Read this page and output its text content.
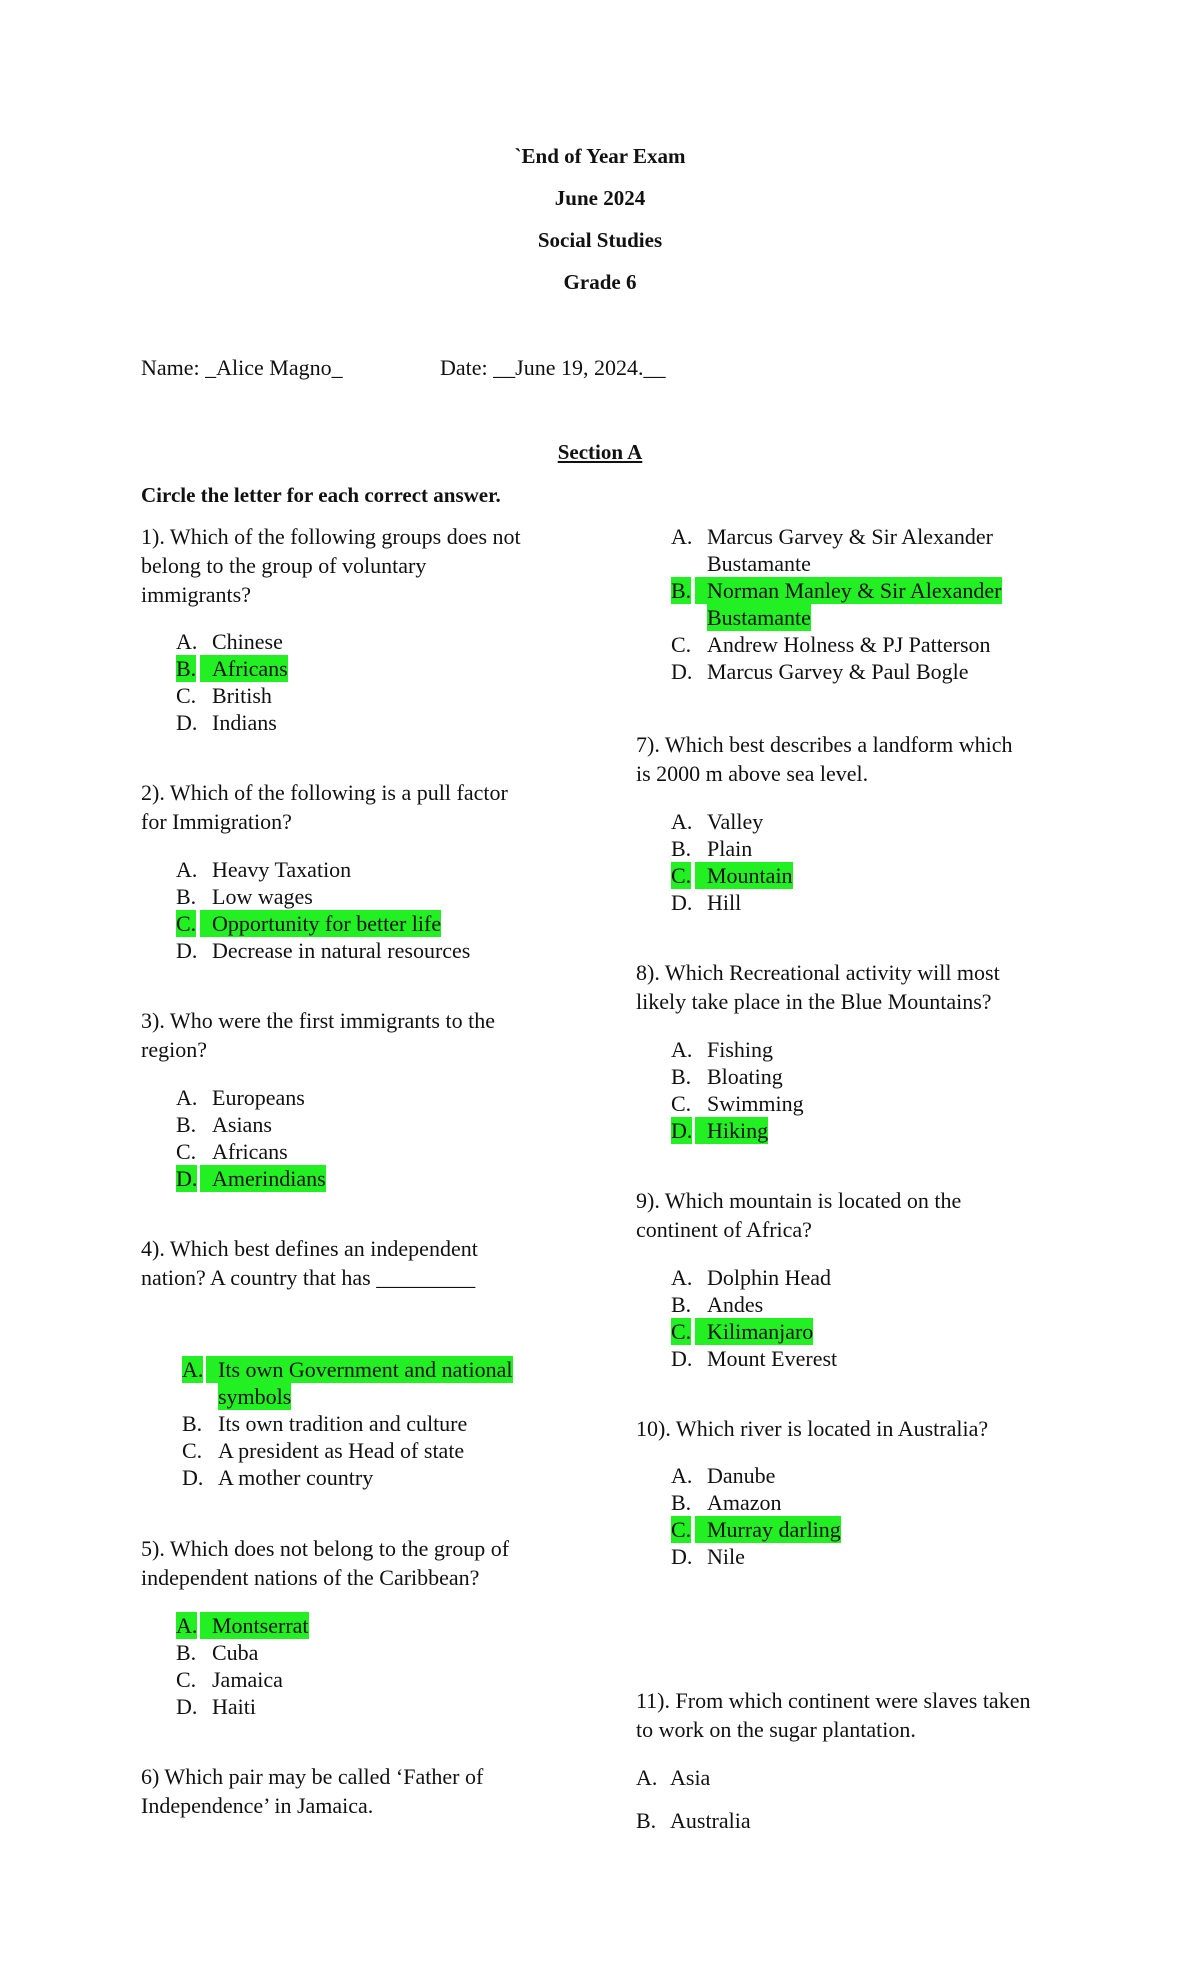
`End of Year Exam
June 2024
Social Studies
Grade 6
Name: _Alice Magno_	Date: __June 19, 2024.__
Section A
Circle the letter for each correct answer.
1). Which of the following groups does not
belong to the group of voluntary
immigrants?
A. Chinese
B. Africans
C. British
D. Indians
2). Which of the following is a pull factor
for Immigration?
A. Heavy Taxation
B. Low wages
C. Opportunity for better life
D. Decrease in natural resources
3). Who were the first immigrants to the
region?
A. Europeans
B. Asians
C. Africans
D. Amerindians
4). Which best defines an independent
nation? A country that has _________
A. Its own Government and national
symbols
B. Its own tradition and culture
C. A president as Head of state
D. A mother country
5). Which does not belong to the group of
independent nations of the Caribbean?
A. Montserrat
B. Cuba
C. Jamaica
D. Haiti
6) Which pair may be called ‘Father of
Independence’ in Jamaica.
A. Marcus Garvey & Sir Alexander
Bustamante
B. Norman Manley & Sir Alexander
Bustamante
C. Andrew Holness & PJ Patterson
D. Marcus Garvey & Paul Bogle
7). Which best describes a landform which
is 2000 m above sea level.
A. Valley
B. Plain
C. Mountain
D. Hill
8). Which Recreational activity will most
likely take place in the Blue Mountains?
A. Fishing
B. Bloating
C. Swimming
D. Hiking
9). Which mountain is located on the
continent of Africa?
A. Dolphin Head
B. Andes
C. Kilimanjaro
D. Mount Everest
10). Which river is located in Australia?
A. Danube
B. Amazon
C. Murray darling
D. Nile
11). From which continent were slaves taken
to work on the sugar plantation.
A. Asia
B. Australia
